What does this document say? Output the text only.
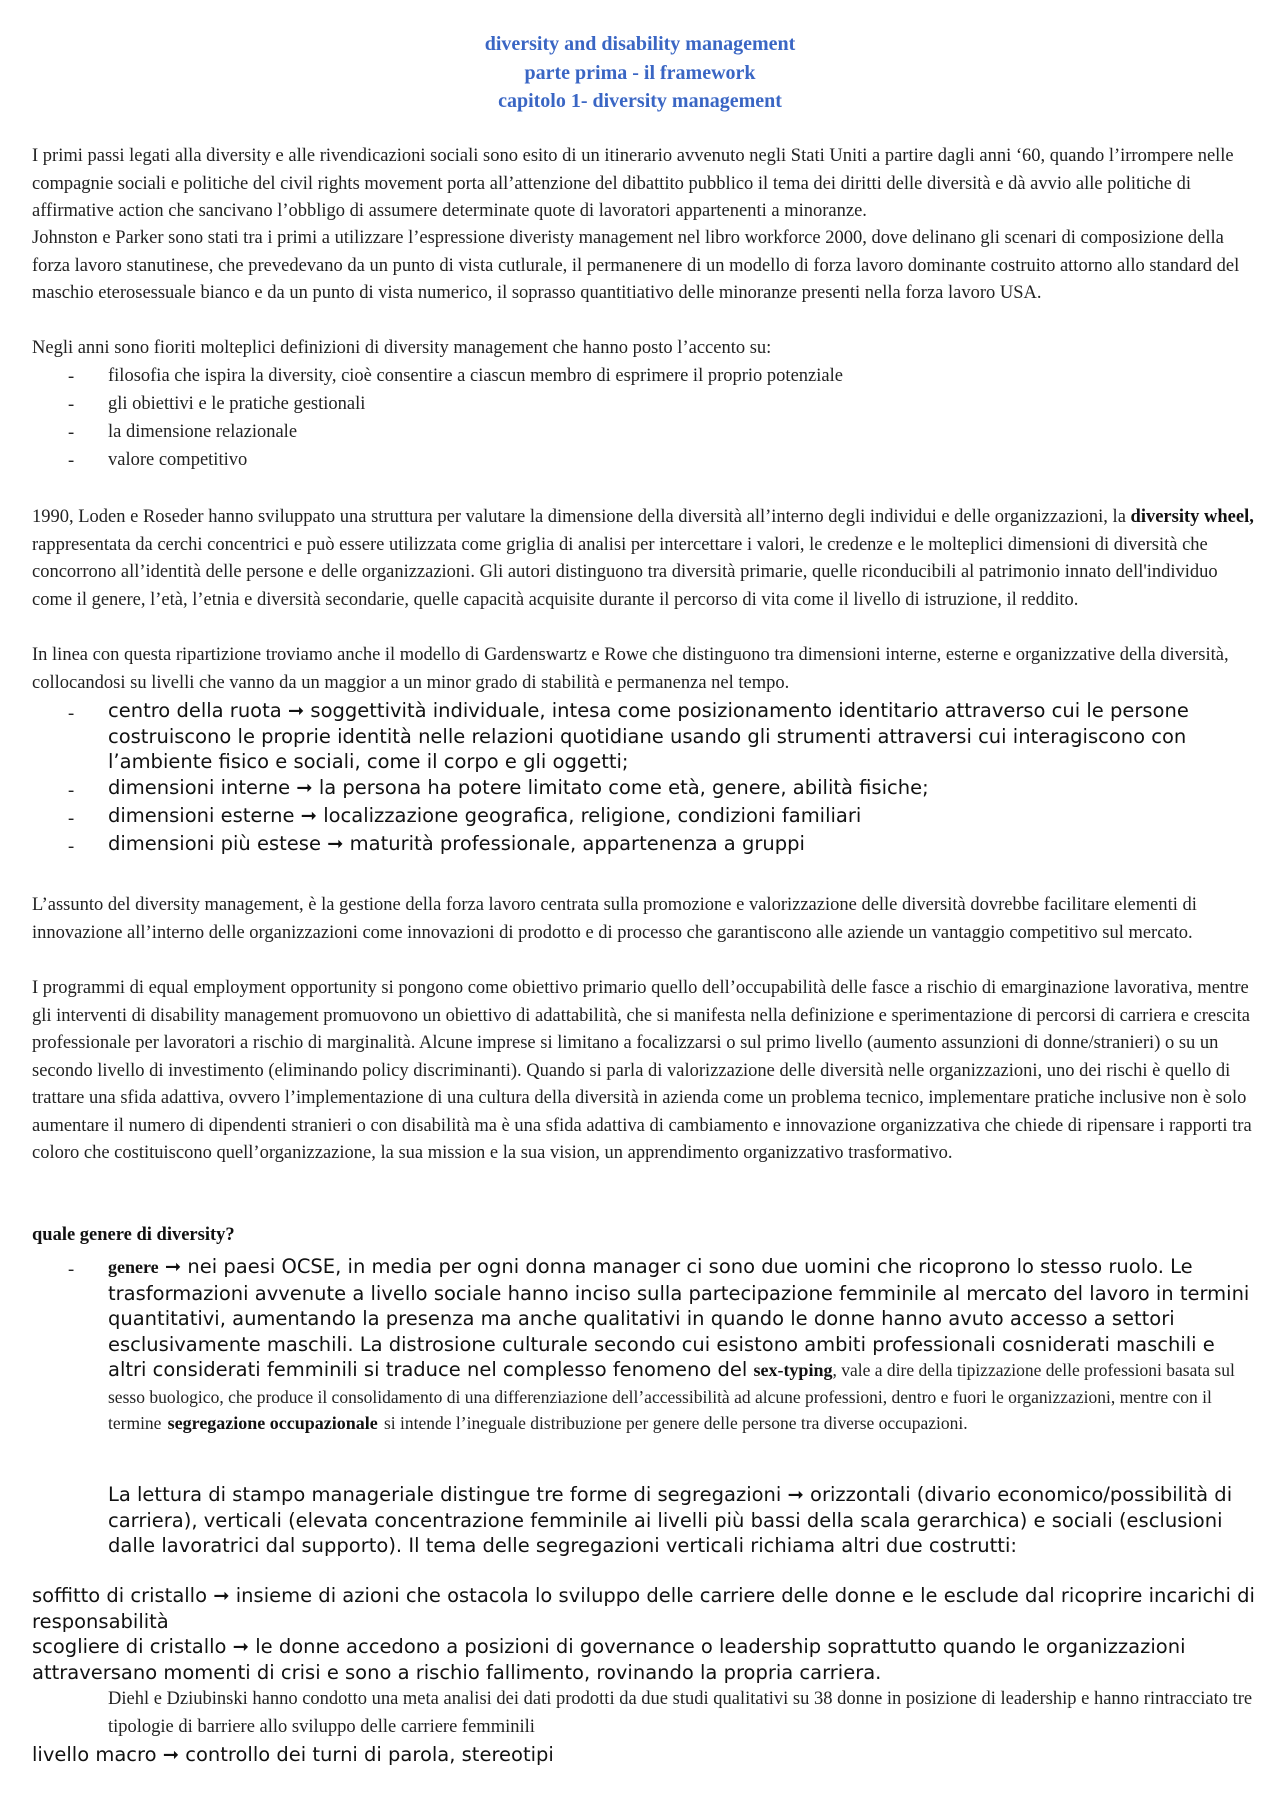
diversity and disability management
parte prima - il framework
capitolo 1- diversity management

I primi passi legati alla diversity e alle rivendicazioni sociali sono esito di un itinerario avvenuto negli Stati Uniti a partire dagli anni ‘60, quando l’irrompere nelle compagnie sociali e politiche del civil rights movement porta all’attenzione del dibattito pubblico il tema dei diritti delle diversità e dà avvio alle politiche di affirmative action che sancivano l’obbligo di assumere determinate quote di lavoratori appartenenti a minoranze.

Johnston e Parker sono stati tra i primi a utilizzare l’espressione diveristy management nel libro workforce 2000, dove delinano gli scenari di composizione della forza lavoro stanutinese, che prevedevano da un punto di vista cutlurale, il permanenere di un modello di forza lavoro dominante costruito attorno allo standard del maschio eterosessuale bianco e da un punto di vista numerico, il soprasso quantitiativo delle minoranze presenti nella forza lavoro USA.

Negli anni sono fioriti molteplici definizioni di diversity management che hanno posto l’accento su:

- filosofia che ispira la diversity, cioè consentire a ciascun membro di esprimere il proprio potenziale

- gli obiettivi e le pratiche gestionali

- la dimensione relazionale

- valore competitivo

1990, Loden e Roseder hanno sviluppato una struttura per valutare la dimensione della diversità all’interno degli individui e delle organizzazioni, la diversity wheel, rappresentata da cerchi concentrici e può essere utilizzata come griglia di analisi per intercettare i valori, le credenze e le molteplici dimensioni di diversità che concorrono all’identità delle persone e delle organizzazioni. Gli autori distinguono tra diversità primarie, quelle riconducibili al patrimonio innato dell'individuo come il genere, l’età, l’etnia e diversità secondarie, quelle capacità acquisite durante il percorso di vita come il livello di istruzione, il reddito.

In linea con questa ripartizione troviamo anche il modello di Gardenswartz e Rowe che distinguono tra dimensioni interne, esterne e organizzative della diversità, collocandosi su livelli che vanno da un maggior a un minor grado di stabilità e permanenza nel tempo.

- centro della ruota ➞ soggettività individuale, intesa come posizionamento identitario attraverso cui le persone costruiscono le proprie identità nelle relazioni quotidiane usando gli strumenti attraversi cui interagiscono con l’ambiente fisico e sociali, come il corpo e gli oggetti;

- dimensioni interne ➞ la persona ha potere limitato come età, genere, abilità fisiche;

- dimensioni esterne ➞ localizzazione geografica, religione, condizioni familiari

- dimensioni più estese ➞ maturità professionale, appartenenza a gruppi

L’assunto del diversity management, è la gestione della forza lavoro centrata sulla promozione e valorizzazione delle diversità dovrebbe facilitare elementi di innovazione all’interno delle organizzazioni come innovazioni di prodotto e di processo che garantiscono alle aziende un vantaggio competitivo sul mercato.

I programmi di equal employment opportunity si pongono come obiettivo primario quello dell’occupabilità delle fasce a rischio di emarginazione lavorativa, mentre gli interventi di disability management promuovono un obiettivo di adattabilità, che si manifesta nella definizione e sperimentazione di percorsi di carriera e crescita professionale per lavoratori a rischio di marginalità. Alcune imprese si limitano a focalizzarsi o sul primo livello (aumento assunzioni di donne/stranieri) o su un secondo livello di investimento (eliminando policy discriminanti). Quando si parla di valorizzazione delle diversità nelle organizzazioni, uno dei rischi è quello di trattare una sfida adattiva, ovvero l’implementazione di una cultura della diversità in azienda come un problema tecnico, implementare pratiche inclusive non è solo aumentare il numero di dipendenti stranieri o con disabilità ma è una sfida adattiva di cambiamento e innovazione organizzativa che chiede di ripensare i rapporti tra coloro che costituiscono quell’organizzazione, la sua mission e la sua vision, un apprendimento organizzativo trasformativo.

quale genere di diversity?

- genere ➞ nei paesi OCSE, in media per ogni donna manager ci sono due uomini che ricoprono lo stesso ruolo. Le trasformazioni avvenute a livello sociale hanno inciso sulla partecipazione femminile al mercato del lavoro in termini quantitativi, aumentando la presenza ma anche qualitativi in quando le donne hanno avuto accesso a settori esclusivamente maschili. La distrosione culturale secondo cui esistono ambiti professionali cosniderati maschili e altri considerati femminili si traduce nel complesso fenomeno del sex-typing, vale a dire della tipizzazione delle professioni basata sul sesso buologico, che produce il consolidamento di una differenziazione dell’accessibilità ad alcune professioni, dentro e fuori le organizzazioni, mentre con il termine segregazione occupazionale si intende l’ineguale distribuzione per genere delle persone tra diverse occupazioni.

La lettura di stampo manageriale distingue tre forme di segregazioni ➞ orizzontali (divario economico/possibilità di carriera), verticali (elevata concentrazione femminile ai livelli più bassi della scala gerarchica) e sociali (esclusioni dalle lavoratrici dal supporto). Il tema delle segregazioni verticali richiama altri due costrutti:

soffitto di cristallo ➞ insieme di azioni che ostacola lo sviluppo delle carriere delle donne e le esclude dal ricoprire incarichi di responsabilità

scogliere di cristallo ➞ le donne accedono a posizioni di governance o leadership soprattutto quando le organizzazioni attraversano momenti di crisi e sono a rischio fallimento, rovinando la propria carriera.

Diehl e Dziubinski hanno condotto una meta analisi dei dati prodotti da due studi qualitativi su 38 donne in posizione di leadership e hanno rintracciato tre tipologie di barriere allo sviluppo delle carriere femminili

livello macro ➞ controllo dei turni di parola, stereotipi
